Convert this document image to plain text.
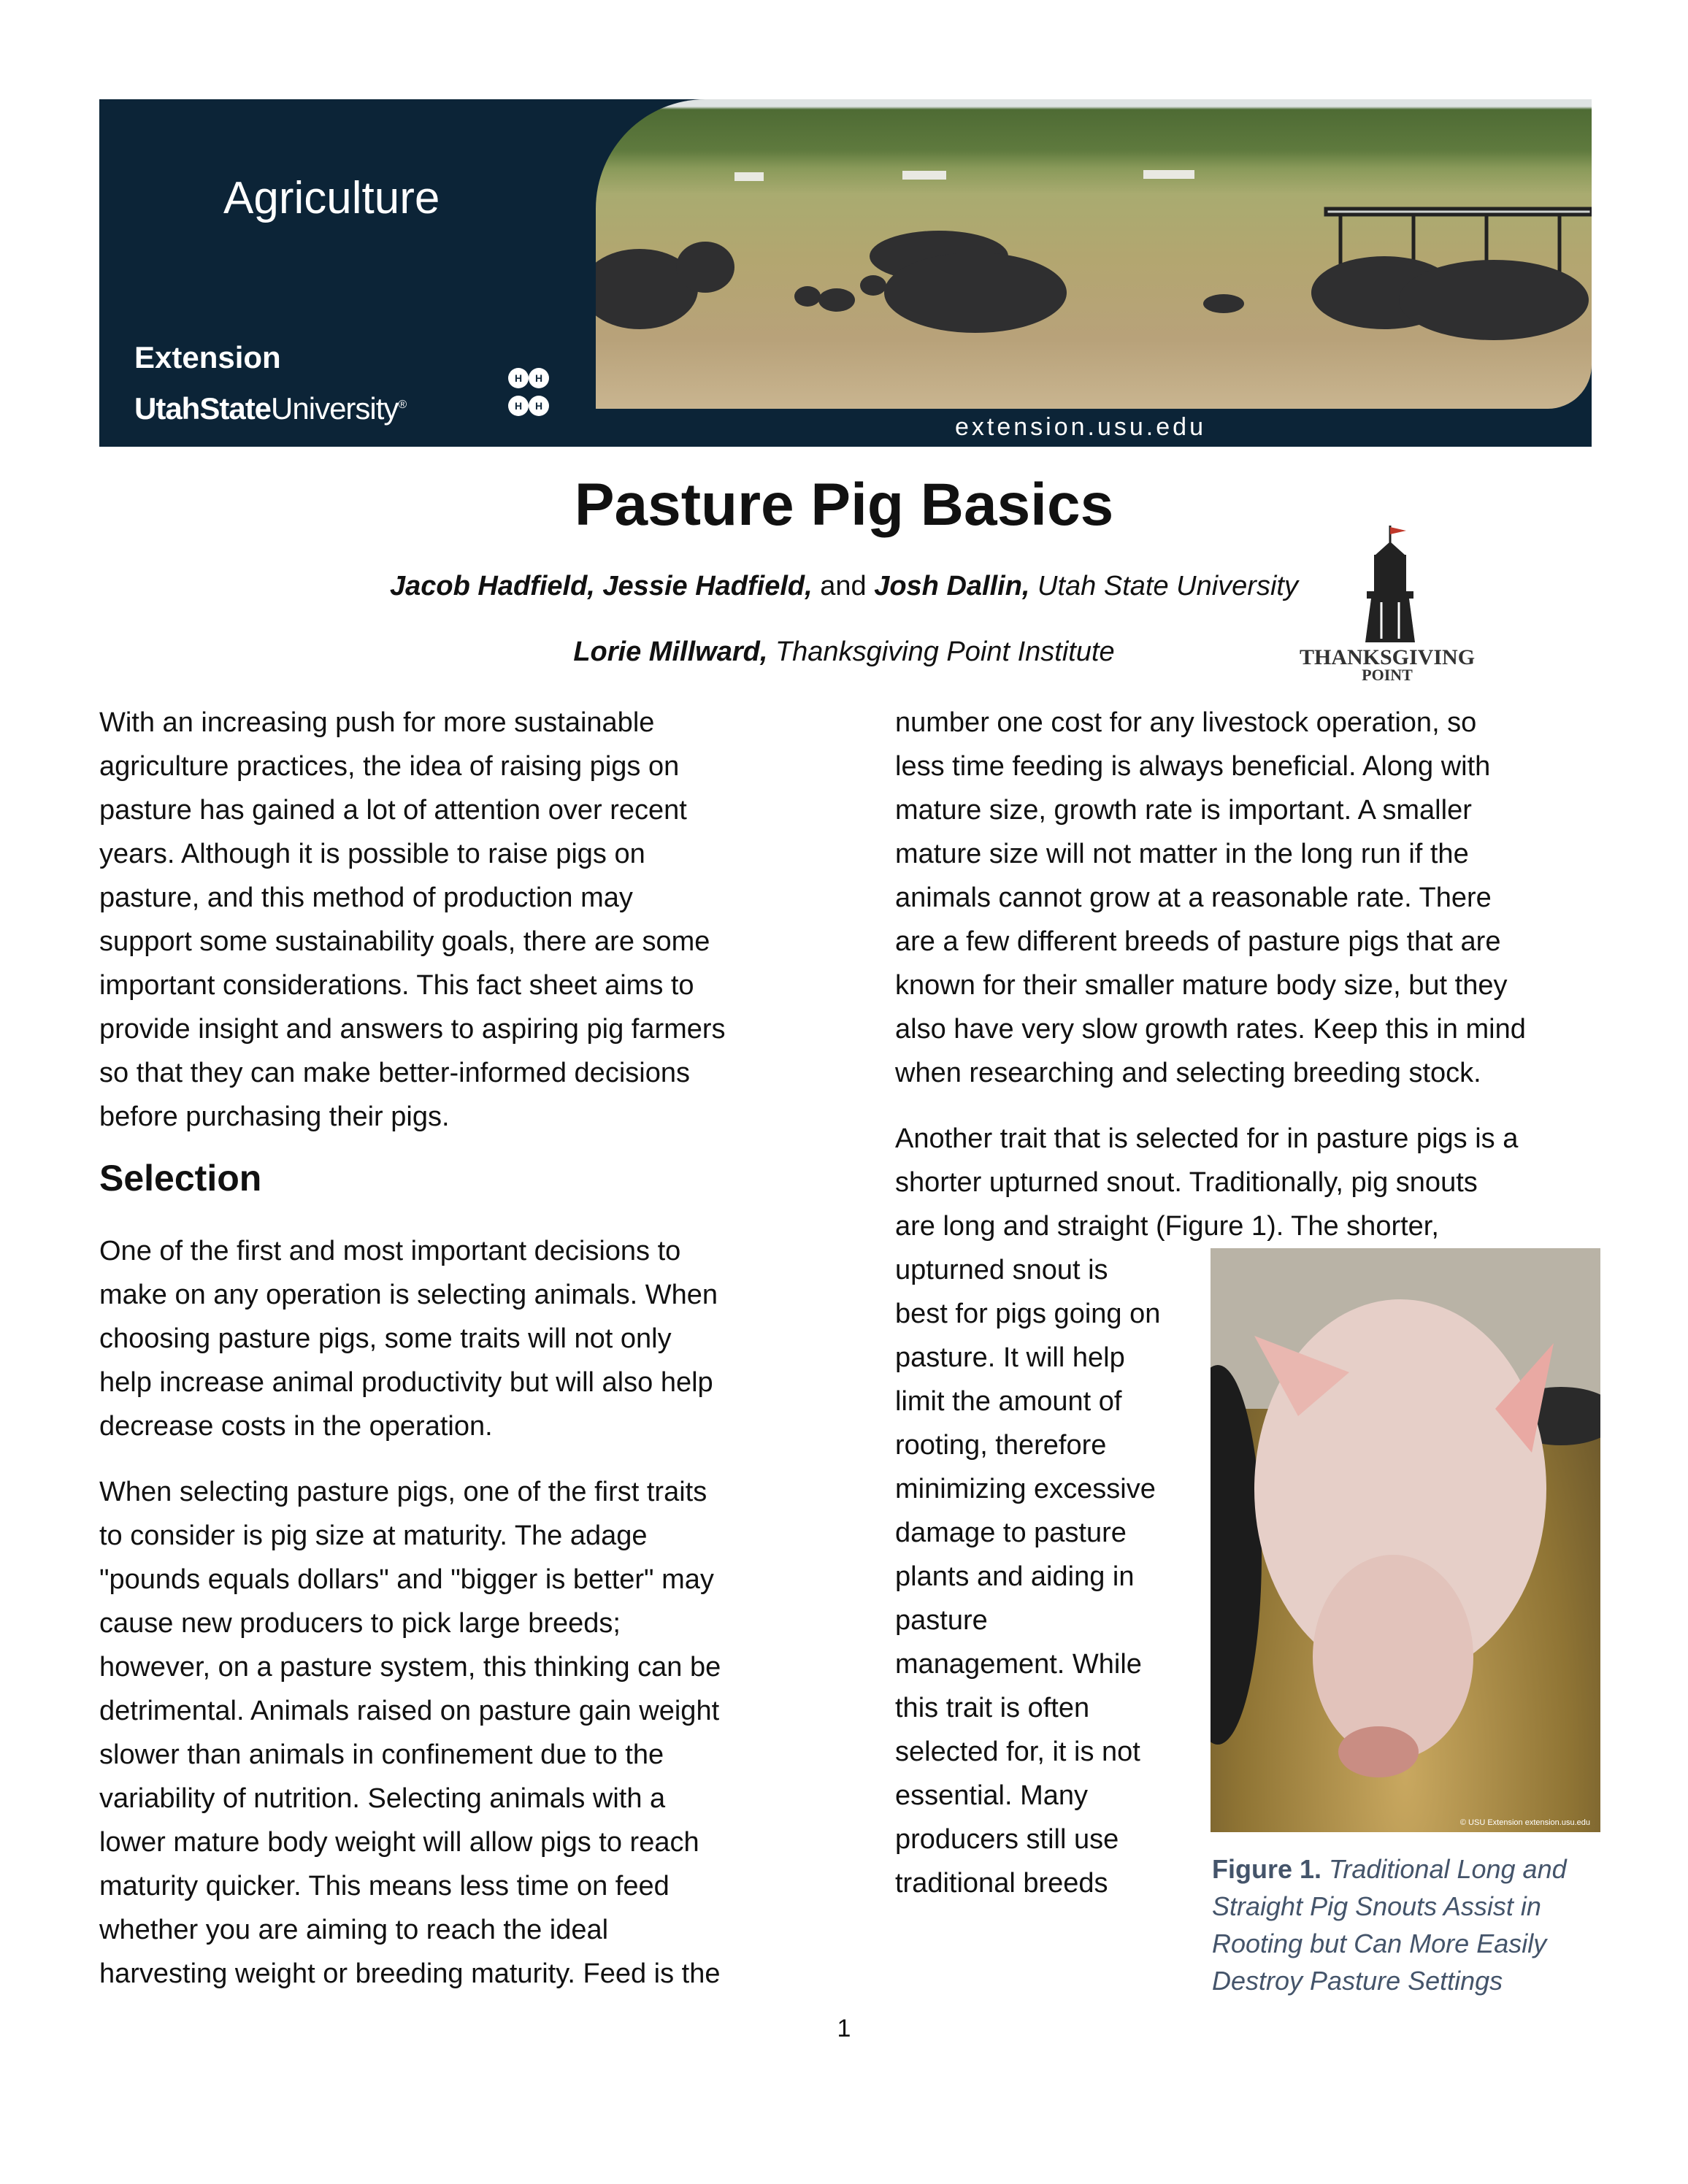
Agriculture
Extension
UtahStateUniversity®
H H
H H
extension.usu.edu
Pasture Pig Basics
Jacob Hadfield, Jessie Hadfield, and Josh Dallin, Utah State University
Lorie Millward, Thanksgiving Point Institute	THANKSGIVING
POINT

With an increasing push for more sustainable
agriculture practices, the idea of raising pigs on
pasture has gained a lot of attention over recent
years. Although it is possible to raise pigs on
pasture, and this method of production may
support some sustainability goals, there are some
important considerations. This fact sheet aims to
provide insight and answers to aspiring pig farmers
so that they can make better-informed decisions
before purchasing their pigs.

Selection

One of the first and most important decisions to
make on any operation is selecting animals. When
choosing pasture pigs, some traits will not only
help increase animal productivity but will also help
decrease costs in the operation.

When selecting pasture pigs, one of the first traits
to consider is pig size at maturity. The adage
"pounds equals dollars" and "bigger is better" may
cause new producers to pick large breeds;
however, on a pasture system, this thinking can be
detrimental. Animals raised on pasture gain weight
slower than animals in confinement due to the
variability of nutrition. Selecting animals with a
lower mature body weight will allow pigs to reach
maturity quicker. This means less time on feed
whether you are aiming to reach the ideal
harvesting weight or breeding maturity. Feed is the

number one cost for any livestock operation, so
less time feeding is always beneficial. Along with
mature size, growth rate is important. A smaller
mature size will not matter in the long run if the
animals cannot grow at a reasonable rate. There
are a few different breeds of pasture pigs that are
known for their smaller mature body size, but they
also have very slow growth rates. Keep this in mind
when researching and selecting breeding stock.

Another trait that is selected for in pasture pigs is a
shorter upturned snout. Traditionally, pig snouts
are long and straight (Figure 1). The shorter,
upturned snout is
best for pigs going on
pasture. It will help
limit the amount of
rooting, therefore
minimizing excessive
damage to pasture
plants and aiding in
pasture
management. While
this trait is often
selected for, it is not
essential. Many
producers still use
traditional breeds

© USU Extension extension.usu.edu
Figure 1. Traditional Long and Straight Pig Snouts Assist in Rooting but Can More Easily Destroy Pasture Settings
1
